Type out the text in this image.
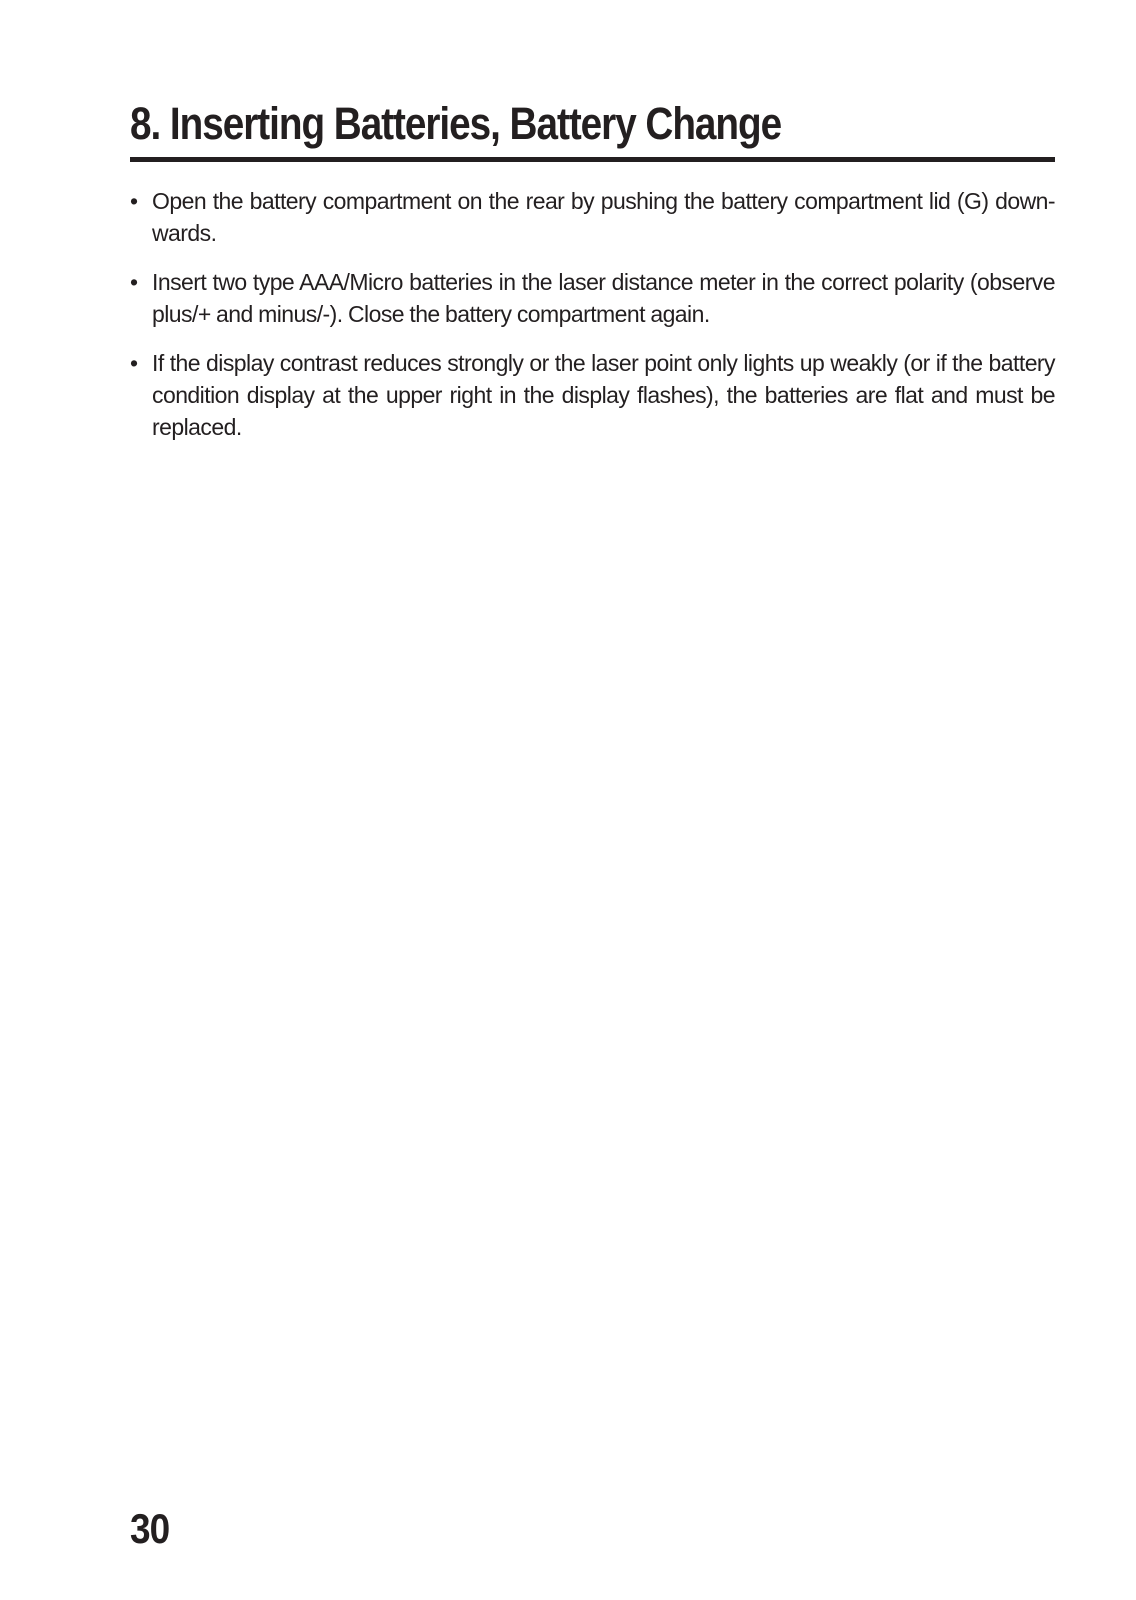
8. Inserting Batteries, Battery Change
• Open the battery compartment on the rear by pushing the battery compartment lid (G) down-wards.
• Insert two type AAA/Micro batteries in the laser distance meter in the correct polarity (observe plus/+ and minus/-). Close the battery compartment again.
• If the display contrast reduces strongly or the laser point only lights up weakly (or if the battery condition display at the upper right in the display flashes), the batteries are flat and must be replaced.
30
